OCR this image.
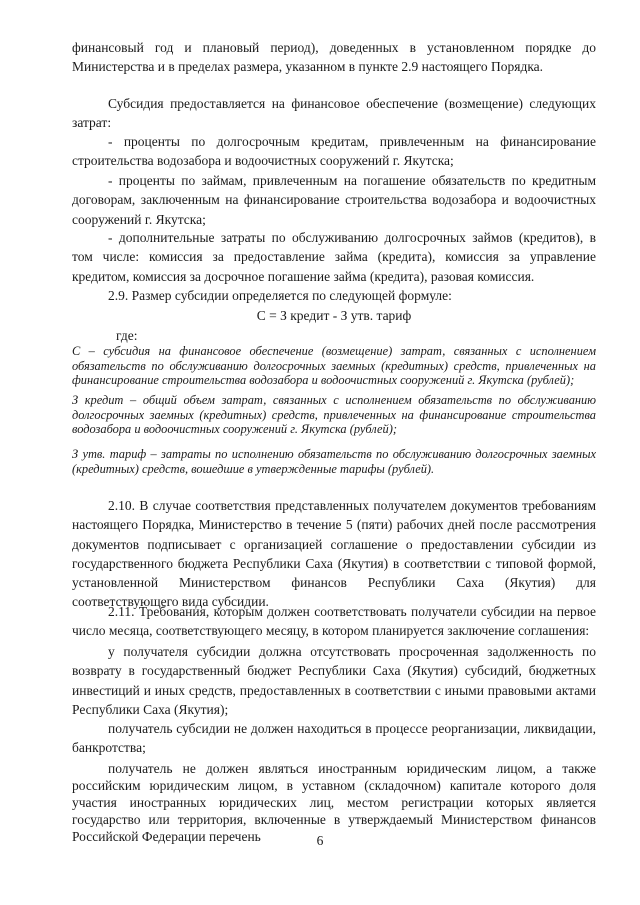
финансовый год и плановый период), доведенных в установленном порядке до Министерства и в пределах размера, указанном в пункте 2.9 настоящего Порядка.

Субсидия предоставляется на финансовое обеспечение (возмещение) следующих затрат:

- проценты по долгосрочным кредитам, привлеченным на финансирование строительства водозабора и водоочистных сооружений г. Якутска;

- проценты по займам, привлеченным на погашение обязательств по кредитным договорам, заключенным на финансирование строительства водозабора и водоочистных сооружений г. Якутска;

- дополнительные затраты по обслуживанию долгосрочных займов (кредитов), в том числе: комиссия за предоставление займа (кредита), комиссия за управление кредитом, комиссия за досрочное погашение займа (кредита), разовая комиссия.

2.9. Размер субсидии определяется по следующей формуле:

С = З кредит - З утв. тариф

где:

С – субсидия на финансовое обеспечение (возмещение) затрат, связанных с исполнением обязательств по обслуживанию долгосрочных заемных (кредитных) средств, привлеченных на финансирование строительства водозабора и водоочистных сооружений г. Якутска (рублей);

З кредит – общий объем затрат, связанных с исполнением обязательств по обслуживанию долгосрочных заемных (кредитных) средств, привлеченных на финансирование строительства водозабора и водоочистных сооружений г. Якутска (рублей);

З утв. тариф – затраты по исполнению обязательств по обслуживанию долгосрочных заемных (кредитных) средств, вошедшие в утвержденные тарифы (рублей).

2.10. В случае соответствия представленных получателем документов требованиям настоящего Порядка, Министерство в течение 5 (пяти) рабочих дней после рассмотрения документов подписывает с организацией соглашение о предоставлении субсидии из государственного бюджета Республики Саха (Якутия) в соответствии с типовой формой, установленной Министерством финансов Республики Саха (Якутия) для соответствующего вида субсидии.

2.11. Требования, которым должен соответствовать получатели субсидии на первое число месяца, соответствующего месяцу, в котором планируется заключение соглашения:

у получателя субсидии должна отсутствовать просроченная задолженность по возврату в государственный бюджет Республики Саха (Якутия) субсидий, бюджетных инвестиций и иных средств, предоставленных в соответствии с иными правовыми актами Республики Саха (Якутия);

получатель субсидии не должен находиться в процессе реорганизации, ликвидации, банкротства;

получатель не должен являться иностранным юридическим лицом, а также российским юридическим лицом, в уставном (складочном) капитале которого доля участия иностранных юридических лиц, местом регистрации которых является государство или территория, включенные в утверждаемый Министерством финансов Российской Федерации перечень	6
